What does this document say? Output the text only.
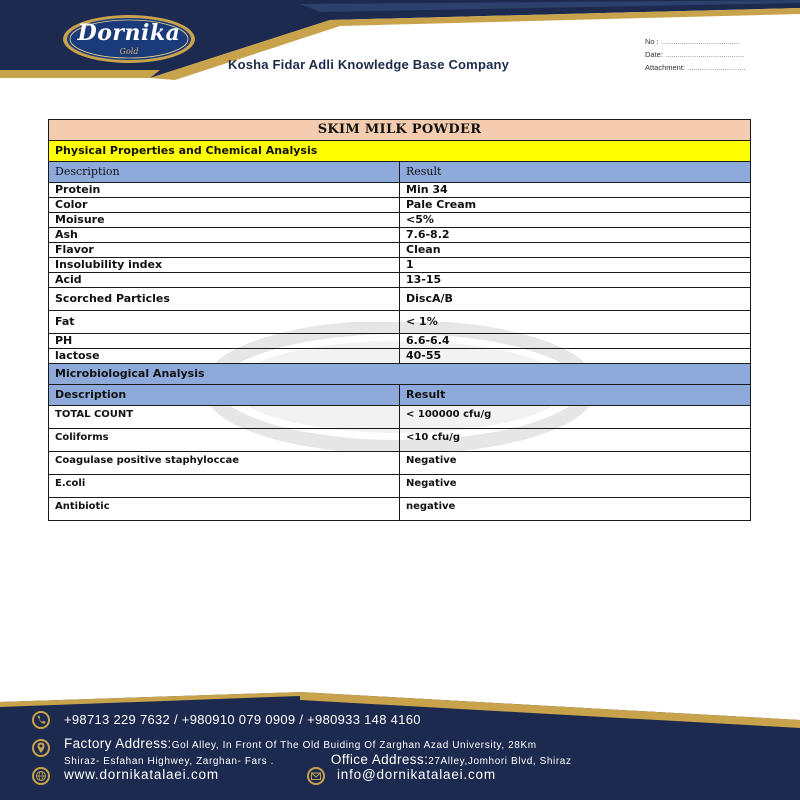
Dornika
Gold
Kosha Fidar Adli Knowledge Base Company
No : ......................................
Date: ......................................
Attachment: ............................
SKIM MILK POWDER	
Physical Properties and Chemical Analysis	
Description	Result
Protein	Min 34
Color	Pale Cream
Moisure	<5%
Ash	7.6-8.2
Flavor	Clean
Insolubility index	1
Acid	13-15
Scorched Particles	DiscA/B
Fat	< 1%
PH	6.6-6.4
lactose	40-55
Microbiological Analysis	
Description	Result
TOTAL COUNT	< 100000 cfu/g
Coliforms	<10 cfu/g
Coagulase positive staphyloccae	Negative
E.coli	Negative
Antibiotic	negative
+98713 229 7632 / +980910 079 0909 / +980933 148 4160
Factory Address:Gol Alley, In Front Of The Old Buiding Of Zarghan Azad University, 28Km
Shiraz- Esfahan Highwey, Zarghan- Fars .	Office Address:27Alley,Jomhori Blvd, Shiraz
www.dornikatalaei.com	info@dornikatalaei.com
